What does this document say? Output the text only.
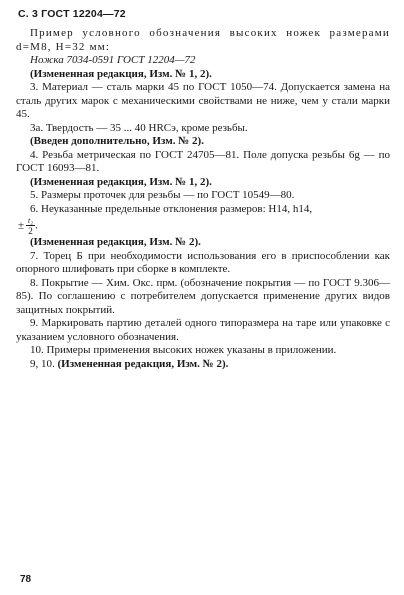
С. 3 ГОСТ 12204—72

Пример условного обозначения высоких ножек размерами d=M8, H=32 мм:

Ножка 7034-0591 ГОСТ 12204—72

(Измененная редакция, Изм. № 1, 2).

3. Материал — сталь марки 45 по ГОСТ 1050—74. Допускается замена на сталь других марок с механическими свойствами не ниже, чем у стали марки 45.

3а. Твердость — 35 ... 40 HRCэ, кроме резьбы.

(Введен дополнительно, Изм. № 2).

4. Резьба метрическая по ГОСТ 24705—81. Поле допуска резьбы 6g — по ГОСТ 16093—81.

(Измененная редакция, Изм. № 1, 2).

5. Размеры проточек для резьбы — по ГОСТ 10549—80.

6. Неуказанные предельные отклонения размеров: H14, h14,

± $\frac{\text{t₂}}{2}$ .

(Измененная редакция, Изм. № 2).

7. Торец Б при необходимости использования его в приспособлении как опорного шлифовать при сборке в комплекте.

8. Покрытие — Хим. Окс. прм. (обозначение покрытия — по ГОСТ 9.306—85). По соглашению с потребителем допускается применение других видов защитных покрытий.

9. Маркировать партию деталей одного типоразмера на таре или упаковке с указанием условного обозначения.

10. Примеры применения высоких ножек указаны в приложении.

9, 10. (Измененная редакция, Изм. № 2).

78
